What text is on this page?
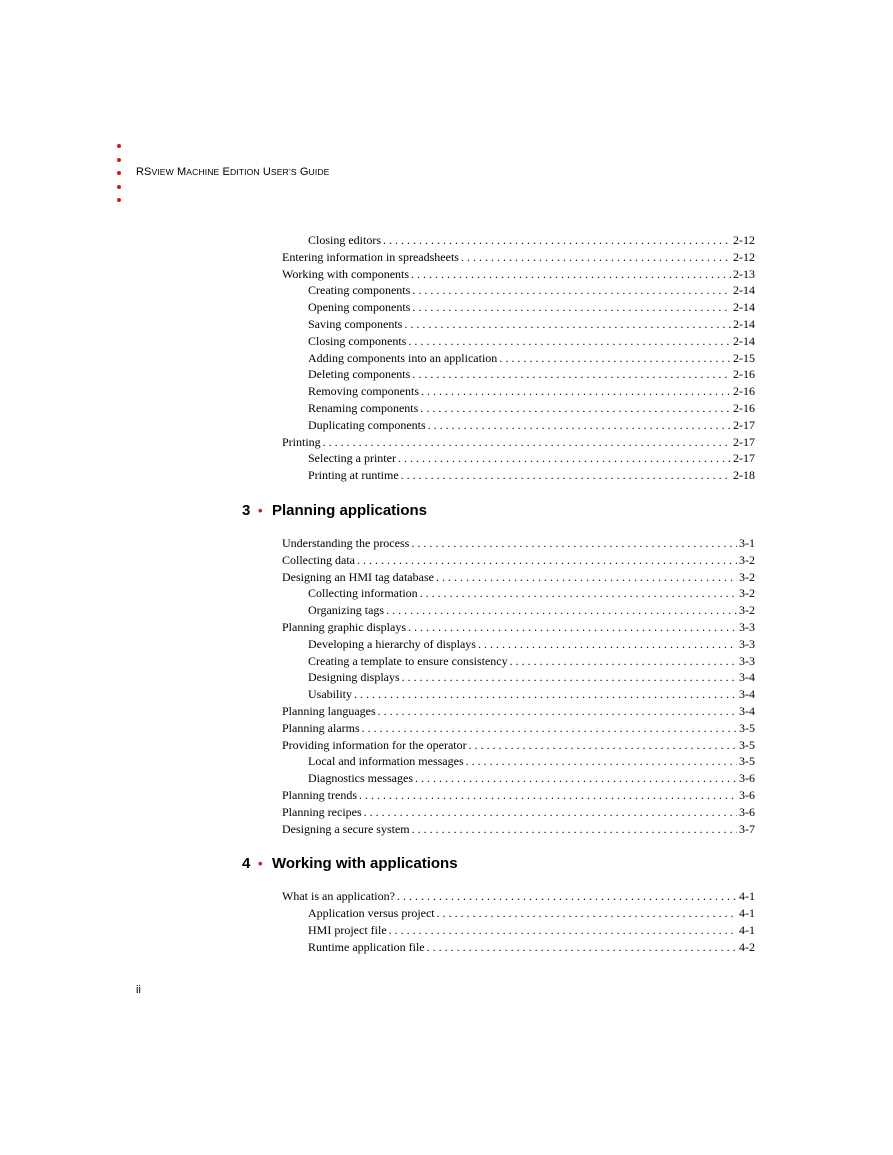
RSVIEW MACHINE EDITION USER’S GUIDE
Closing editors . . .	2-12
Entering information in spreadsheets . . .	2-12
Working with components . . .	2-13
Creating components . . .	2-14
Opening components . . .	2-14
Saving components . . .	2-14
Closing components . . .	2-14
Adding components into an application . . .	2-15
Deleting components . . .	2-16
Removing components . . .	2-16
Renaming components . . .	2-16
Duplicating components . . .	2-17
Printing . . .	2-17
Selecting a printer . . .	2-17
Printing at runtime . . .	2-18
3 • Planning applications
Understanding the process . . .	3-1
Collecting data . . .	3-2
Designing an HMI tag database . . .	3-2
Collecting information . . .	3-2
Organizing tags . . .	3-2
Planning graphic displays . . .	3-3
Developing a hierarchy of displays . . .	3-3
Creating a template to ensure consistency . . .	3-3
Designing displays . . .	3-4
Usability . . .	3-4
Planning languages . . .	3-4
Planning alarms . . .	3-5
Providing information for the operator . . .	3-5
Local and information messages . . .	3-5
Diagnostics messages . . .	3-6
Planning trends . . .	3-6
Planning recipes . . .	3-6
Designing a secure system . . .	3-7
4 • Working with applications
What is an application? . . .	4-1
Application versus project . . .	4-1
HMI project file . . .	4-1
Runtime application file . . .	4-2
ii
